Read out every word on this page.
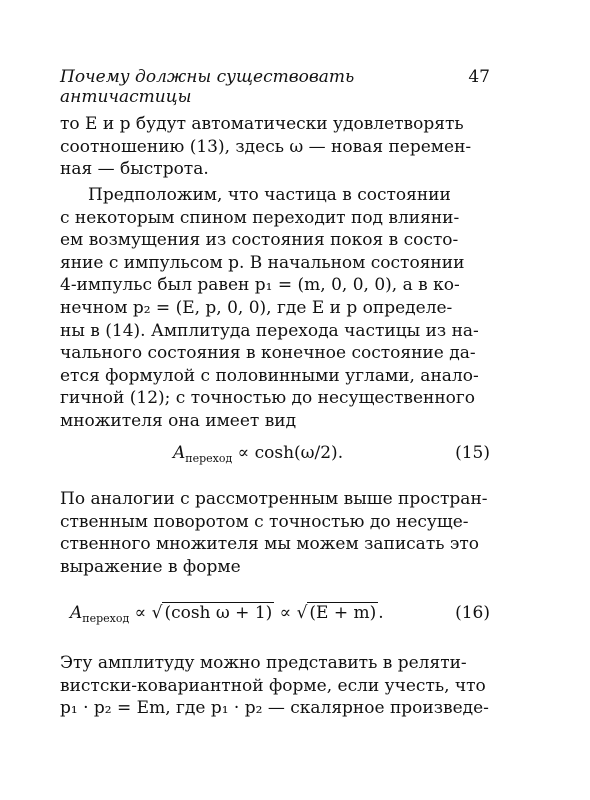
Почему должны существовать античастицы
47
то E и p будут автоматически удовлетворять
соотношению (13), здесь ω — новая перемен-
ная — быстрота.
Предположим, что частица в состоянии
с некоторым спином переходит под влияни-
ем возмущения из состояния покоя в состо-
яние с импульсом p. В начальном состоянии
4-импульс был равен p₁ = (m, 0, 0, 0), а в ко-
нечном p₂ = (E, p, 0, 0), где E и p определе-
ны в (14). Амплитуда перехода частицы из на-
чального состояния в конечное состояние да-
ется формулой с половинными углами, анало-
гичной (12); с точностью до несущественного
множителя она имеет вид
$A_{переход} \propto \cosh(\omega/2)$.	(15)
По аналогии с рассмотренным выше простран-
ственным поворотом с точностью до несуще-
ственного множителя мы можем записать это
выражение в форме
$A_{переход}$ ∝ √ (cosh ω + 1) ∝ √ (E + m) .	(16)
Эту амплитуду можно представить в реляти-
вистски-ковариантной форме, если учесть, что
p₁ · p₂ = Em, где p₁ · p₂ — скалярное произведе-
